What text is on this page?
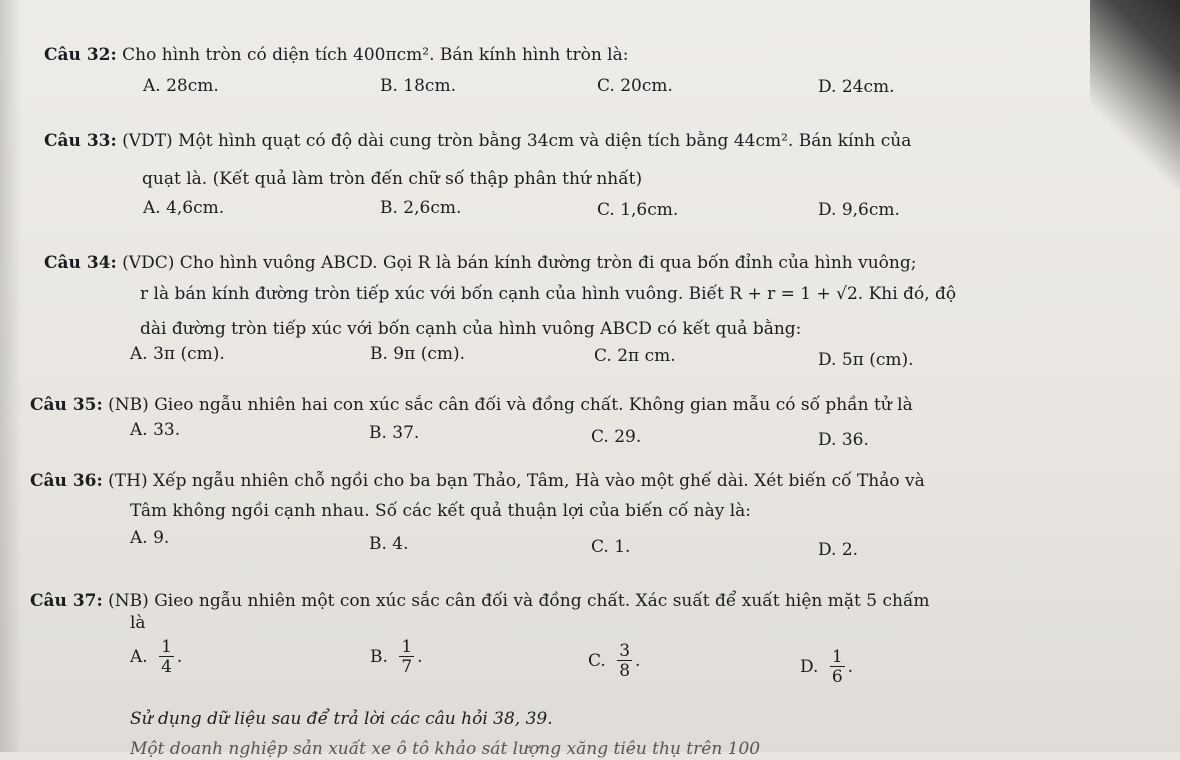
Câu 32: Cho hình tròn có diện tích 400πcm². Bán kính hình tròn là:
A. 28cm.	B. 18cm.	C. 20cm.	D. 24cm.
Câu 33: (VDT) Một hình quạt có độ dài cung tròn bằng 34cm và diện tích bằng 44cm². Bán kính của
quạt là. (Kết quả làm tròn đến chữ số thập phân thứ nhất)
A. 4,6cm.	B. 2,6cm.	C. 1,6cm.	D. 9,6cm.
Câu 34: (VDC) Cho hình vuông ABCD. Gọi R là bán kính đường tròn đi qua bốn đỉnh của hình vuông;
r là bán kính đường tròn tiếp xúc với bốn cạnh của hình vuông. Biết R + r = 1 + √2. Khi đó, độ
dài đường tròn tiếp xúc với bốn cạnh của hình vuông ABCD có kết quả bằng:
A. 3π (cm).	B. 9π (cm).	C. 2π cm.	D. 5π (cm).
Câu 35: (NB) Gieo ngẫu nhiên hai con xúc sắc cân đối và đồng chất. Không gian mẫu có số phần tử là
A. 33.	B. 37.	C. 29.	D. 36.
Câu 36: (TH) Xếp ngẫu nhiên chỗ ngồi cho ba bạn Thảo, Tâm, Hà vào một ghế dài. Xét biến cố Thảo và
Tâm không ngồi cạnh nhau. Số các kết quả thuận lợi của biến cố này là:
A. 9.	B. 4.	C. 1.	D. 2.
Câu 37: (NB) Gieo ngẫu nhiên một con xúc sắc cân đối và đồng chất. Xác suất để xuất hiện mặt 5 chấm
là
A. $\frac{1}{4}$ .	B. $\frac{1}{7}$ .	C. $\frac{3}{8}$ .	D. $\frac{1}{6}$ .
Sử dụng dữ liệu sau để trả lời các câu hỏi 38, 39.
Một doanh nghiệp sản xuất xe ô tô khảo sát lượng xăng tiêu thụ trên 100
